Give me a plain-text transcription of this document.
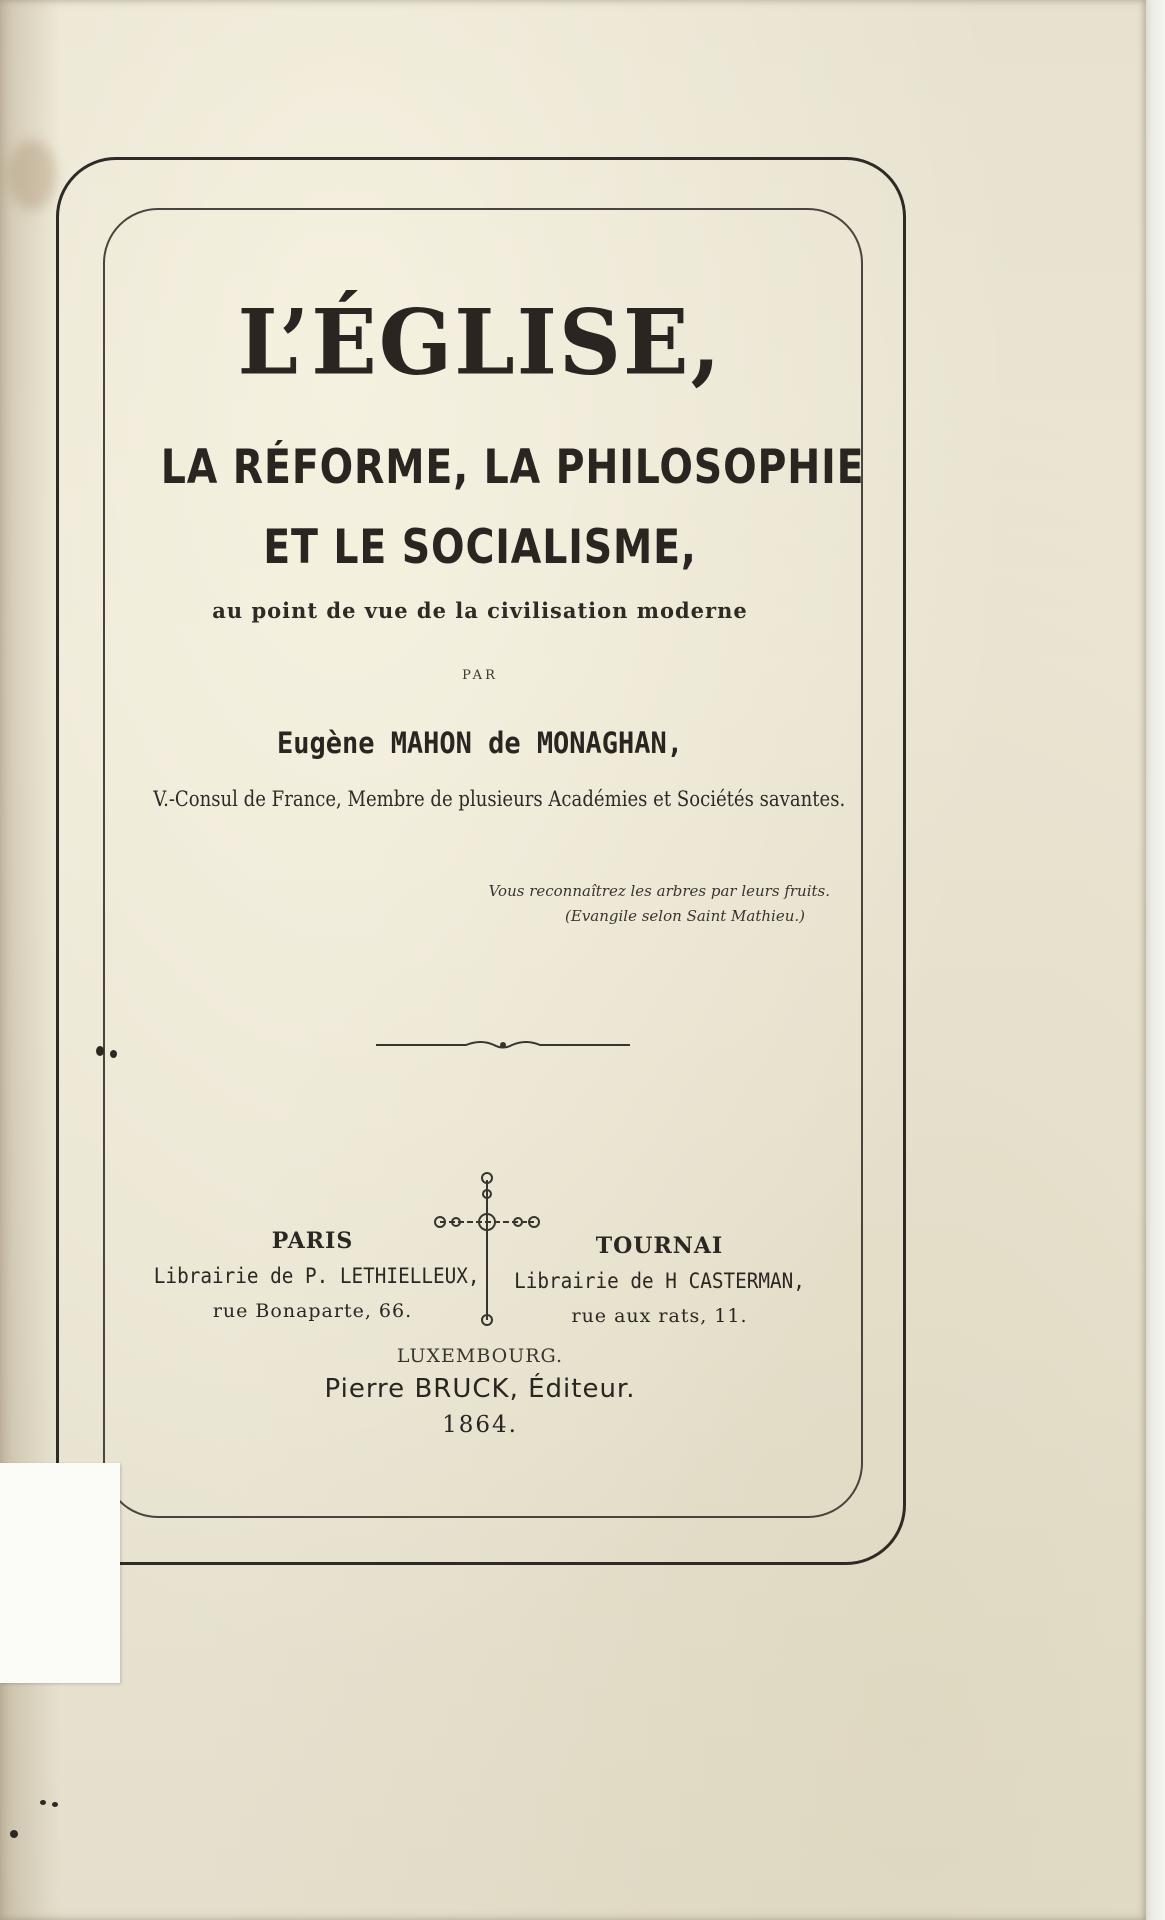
L’ÉGLISE,
LA RÉFORME, LA PHILOSOPHIE
ET LE SOCIALISME,
au point de vue de la civilisation moderne
PAR
Eugène MAHON de MONAGHAN,
V.-Consul de France, Membre de plusieurs Académies et Sociétés savantes.
Vous reconnaîtrez les arbres par leurs fruits.
(Evangile selon Saint Mathieu.)
PARIS
Librairie de P. LETHIELLEUX,
rue Bonaparte, 66.
TOURNAI
Librairie de H CASTERMAN,
rue aux rats, 11.
LUXEMBOURG.
Pierre BRUCK, Éditeur.
1864.
